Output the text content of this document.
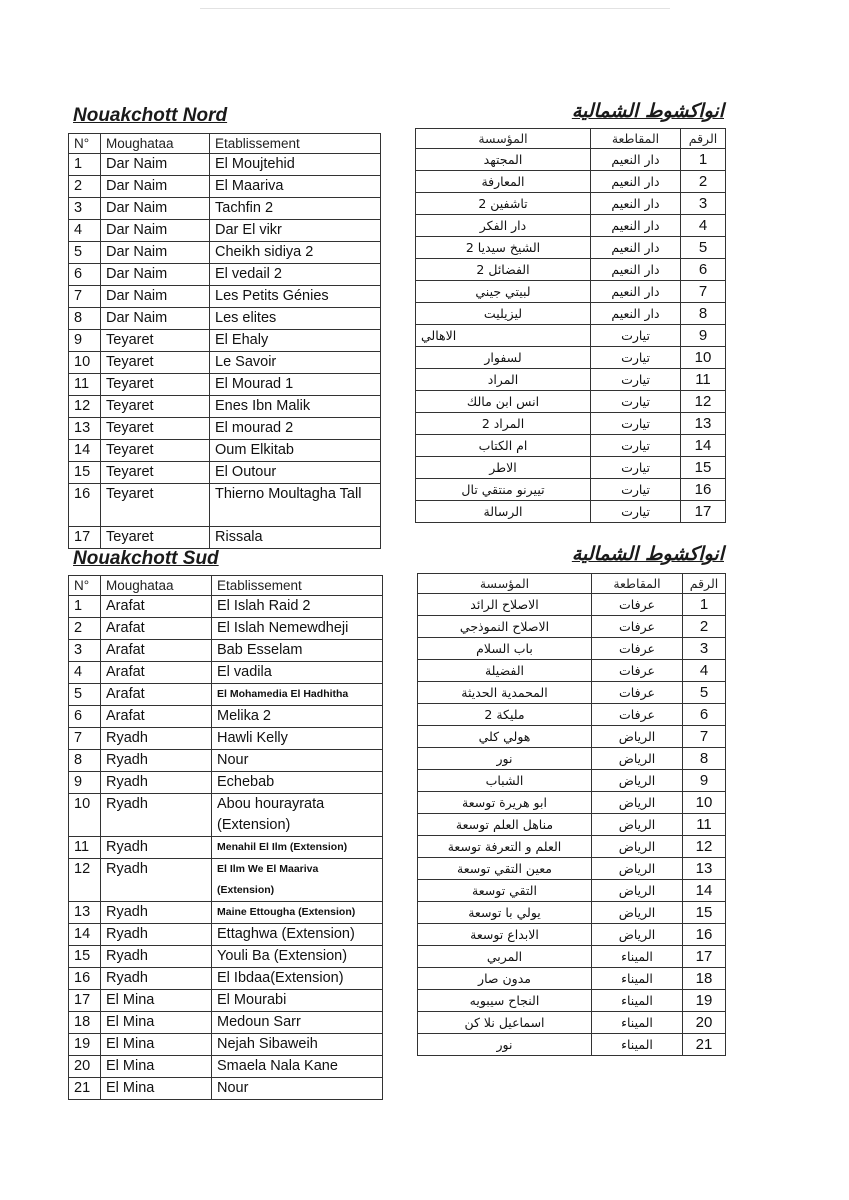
Nouakchott Nord	انواكشوط الشمالية
N°	Moughataa	Etablissement
1	Dar Naim	El Moujtehid
2	Dar Naim	El Maariva
3	Dar Naim	Tachfin 2
4	Dar Naim	Dar El vikr
5	Dar Naim	Cheikh sidiya 2
6	Dar Naim	El vedail 2
7	Dar Naim	Les Petits Génies
8	Dar Naim	Les elites
9	Teyaret	El Ehaly
10	Teyaret	Le Savoir
11	Teyaret	El Mourad 1
12	Teyaret	Enes Ibn Malik
13	Teyaret	El mourad 2
14	Teyaret	Oum Elkitab
15	Teyaret	El Outour
16	Teyaret	Thierno Moultagha Tall
17	Teyaret	Rissala
المؤسسة	المقاطعة	الرقم
المجتهد	دار النعيم	1
المعارفة	دار النعيم	2
تاشفين 2	دار النعيم	3
دار الفكر	دار النعيم	4
الشيخ سيديا 2	دار النعيم	5
الفضائل 2	دار النعيم	6
لبيتي جيني	دار النعيم	7
ليزيليت	دار النعيم	8
الاهالي	تيارت	9
لسفوار	تيارت	10
المراد	تيارت	11
انس ابن مالك	تيارت	12
المراد 2	تيارت	13
ام الكتاب	تيارت	14
الاطر	تيارت	15
تييرنو منتقي تال	تيارت	16
الرسالة	تيارت	17
Nouakchott Sud	انواكشوط الشمالية
N°	Moughataa	Etablissement
1	Arafat	El Islah Raid 2
2	Arafat	El Islah Nemewdheji
3	Arafat	Bab Esselam
4	Arafat	El vadila
5	Arafat	El Mohamedia El Hadhitha
6	Arafat	Melika 2
7	Ryadh	Hawli Kelly
8	Ryadh	Nour
9	Ryadh	Echebab
10	Ryadh	Abou hourayrata (Extension)
11	Ryadh	Menahil El Ilm (Extension)
12	Ryadh	El Ilm We El Maariva (Extension)
13	Ryadh	Maine Ettougha (Extension)
14	Ryadh	Ettaghwa (Extension)
15	Ryadh	Youli Ba (Extension)
16	Ryadh	El Ibdaa(Extension)
17	El Mina	El Mourabi
18	El Mina	Medoun Sarr
19	El Mina	Nejah Sibaweih
20	El Mina	Smaela Nala Kane
21	El Mina	Nour
المؤسسة	المقاطعة	الرقم
الاصلاح الرائد	عرفات	1
الاصلاح النموذجي	عرفات	2
باب السلام	عرفات	3
الفضيلة	عرفات	4
المحمدية الحديثة	عرفات	5
مليكة 2	عرفات	6
هولي كلي	الرياض	7
نور	الرياض	8
الشباب	الرياض	9
ابو هريرة توسعة	الرياض	10
مناهل العلم توسعة	الرياض	11
العلم و التعرفة توسعة	الرياض	12
معين التقي توسعة	الرياض	13
التقي توسعة	الرياض	14
يولي با توسعة	الرياض	15
الابداع توسعة	الرياض	16
المربي	الميناء	17
مدون صار	الميناء	18
النجاح سيبويه	الميناء	19
اسماعيل نلا كن	الميناء	20
نور	الميناء	21
